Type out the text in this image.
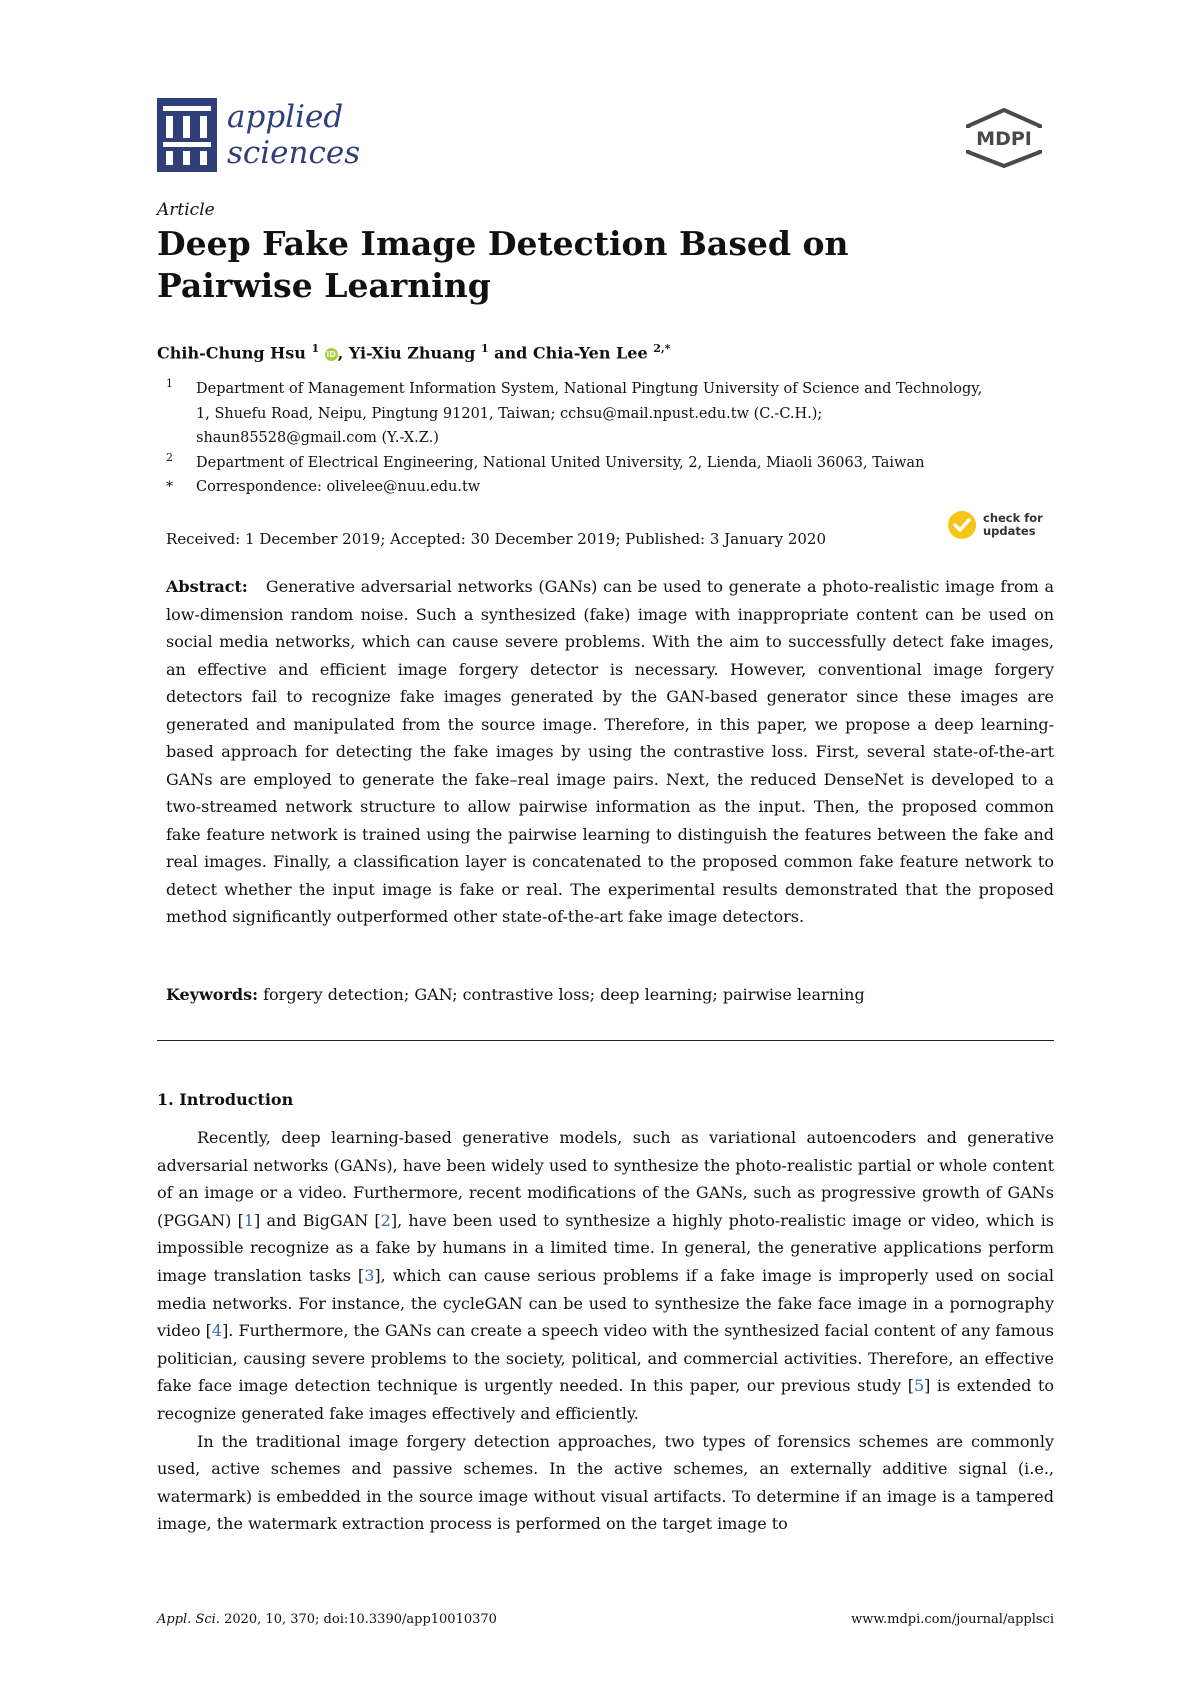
applied
sciences	MDPI
Article
Deep Fake Image Detection Based on
Pairwise Learning
Chih-Chung Hsu $^1$ iD , Yi-Xiu Zhuang $^1$ and Chia-Yen Lee $^{2,*}$
1 Department of Management Information System, National Pingtung University of Science and Technology,
1, Shuefu Road, Neipu, Pingtung 91201, Taiwan; cchsu@mail.npust.edu.tw (C.-C.H.);
shaun85528@gmail.com (Y.-X.Z.)
2 Department of Electrical Engineering, National United University, 2, Lienda, Miaoli 36063, Taiwan
* Correspondence: olivelee@nuu.edu.tw
Received: 1 December 2019; Accepted: 30 December 2019; Published: 3 January 2020
check for
updates
Abstract: Generative adversarial networks (GANs) can be used to generate a photo-realistic image from a low-dimension random noise. Such a synthesized (fake) image with inappropriate content can be used on social media networks, which can cause severe problems. With the aim to successfully detect fake images, an effective and efficient image forgery detector is necessary. However, conventional image forgery detectors fail to recognize fake images generated by the GAN-based generator since these images are generated and manipulated from the source image. Therefore, in this paper, we propose a deep learning-based approach for detecting the fake images by using the contrastive loss. First, several state-of-the-art GANs are employed to generate the fake–real image pairs. Next, the reduced DenseNet is developed to a two-streamed network structure to allow pairwise information as the input. Then, the proposed common fake feature network is trained using the pairwise learning to distinguish the features between the fake and real images. Finally, a classification layer is concatenated to the proposed common fake feature network to detect whether the input image is fake or real. The experimental results demonstrated that the proposed method significantly outperformed other state-of-the-art fake image detectors.
Keywords: forgery detection; GAN; contrastive loss; deep learning; pairwise learning
1. Introduction

Recently, deep learning-based generative models, such as variational autoencoders and generative adversarial networks (GANs), have been widely used to synthesize the photo-realistic partial or whole content of an image or a video. Furthermore, recent modifications of the GANs, such as progressive growth of GANs (PGGAN) [1] and BigGAN [2], have been used to synthesize a highly photo-realistic image or video, which is impossible recognize as a fake by humans in a limited time. In general, the generative applications perform image translation tasks [3], which can cause serious problems if a fake image is improperly used on social media networks. For instance, the cycleGAN can be used to synthesize the fake face image in a pornography video [4]. Furthermore, the GANs can create a speech video with the synthesized facial content of any famous politician, causing severe problems to the society, political, and commercial activities. Therefore, an effective fake face image detection technique is urgently needed. In this paper, our previous study [5] is extended to recognize generated fake images effectively and efficiently.

In the traditional image forgery detection approaches, two types of forensics schemes are commonly used, active schemes and passive schemes. In the active schemes, an externally additive signal (i.e., watermark) is embedded in the source image without visual artifacts. To determine if an image is a tampered image, the watermark extraction process is performed on the target image to

Appl. Sci. 2020, 10, 370; doi:10.3390/app10010370	www.mdpi.com/journal/applsci
